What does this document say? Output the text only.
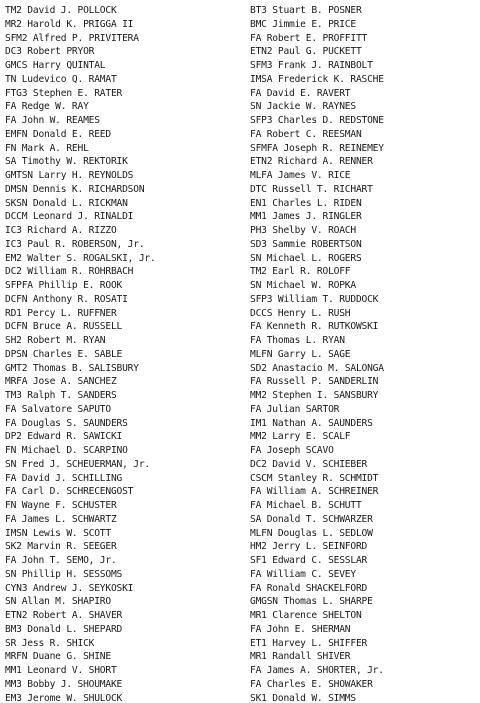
TM2 David J. POLLOCK
MR2 Harold K. PRIGGA II
SFM2 Alfred P. PRIVITERA
DC3 Robert PRYOR
GMCS Harry QUINTAL
TN Ludevico Q. RAMAT
FTG3 Stephen E. RATER
FA Redge W. RAY
FA John W. REAMES
EMFN Donald E. REED
FN Mark A. REHL
SA Timothy W. REKTORIK
GMTSN Larry H. REYNOLDS
DMSN Dennis K. RICHARDSON
SKSN Donald L. RICKMAN
DCCM Leonard J. RINALDI
IC3 Richard A. RIZZO
IC3 Paul R. ROBERSON, Jr.
EM2 Walter S. ROGALSKI, Jr.
DC2 William R. ROHRBACH
SFPFA Phillip E. ROOK
DCFN Anthony R. ROSATI
RD1 Percy L. RUFFNER
DCFN Bruce A. RUSSELL
SH2 Robert M. RYAN
DPSN Charles E. SABLE
GMT2 Thomas B. SALISBURY
MRFA Jose A. SANCHEZ
TM3 Ralph T. SANDERS
FA Salvatore SAPUTO
FA Douglas S. SAUNDERS
DP2 Edward R. SAWICKI
FN Michael D. SCARPINO
SN Fred J. SCHEUERMAN, Jr.
FA David J. SCHILLING
FA Carl D. SCHRECENGOST
FN Wayne F. SCHUSTER
FA James L. SCHWARTZ
IMSN Lewis W. SCOTT
SK2 Marvin R. SEEGER
FA John T. SEMO, Jr.
SN Phillip H. SESSOMS
CYN3 Andrew J. SEYKOSKI
SN Allan M. SHAPIRO
ETN2 Robert A. SHAVER
BM3 Donald L. SHEPARD
SR Jess R. SHICK
MRFN Duane G. SHINE
MM1 Leonard V. SHORT
MM3 Bobby J. SHOUMAKE
EM3 Jerome W. SHULOCK
BT3 Stuart B. POSNER
BMC Jimmie E. PRICE
FA Robert E. PROFFITT
ETN2 Paul G. PUCKETT
SFM3 Frank J. RAINBOLT
IMSA Frederick K. RASCHE
FA David E. RAVERT
SN Jackie W. RAYNES
SFP3 Charles D. REDSTONE
FA Robert C. REESMAN
SFMFA Joseph R. REINEMEY
ETN2 Richard A. RENNER
MLFA James V. RICE
DTC Russell T. RICHART
EN1 Charles L. RIDEN
MM1 James J. RINGLER
PH3 Shelby V. ROACH
SD3 Sammie ROBERTSON
SN Michael L. ROGERS
TM2 Earl R. ROLOFF
SN Michael W. ROPKA
SFP3 William T. RUDDOCK
DCCS Henry L. RUSH
FA Kenneth R. RUTKOWSKI
FA Thomas L. RYAN
MLFN Garry L. SAGE
SD2 Anastacio M. SALONGA
FA Russell P. SANDERLIN
MM2 Stephen I. SANSBURY
FA Julian SARTOR
IM1 Nathan A. SAUNDERS
MM2 Larry E. SCALF
FA Joseph SCAVO
DC2 David V. SCHIEBER
CSCM Stanley R. SCHMIDT
FA William A. SCHREINER
FA Michael B. SCHUTT
SA Donald T. SCHWARZER
MLFN Douglas L. SEDLOW
HM2 Jerry L. SEINFORD
SF1 Edward C. SESSLAR
FA William C. SEVEY
FA Ronald SHACKELFORD
GMGSN Thomas L. SHARPE
MR1 Clarence SHELTON
FA John E. SHERMAN
ET1 Harvey L. SHIFFER
MR1 Randall SHIVER
FA James A. SHORTER, Jr.
FA Charles E. SHOWAKER
SK1 Donald W. SIMMS
